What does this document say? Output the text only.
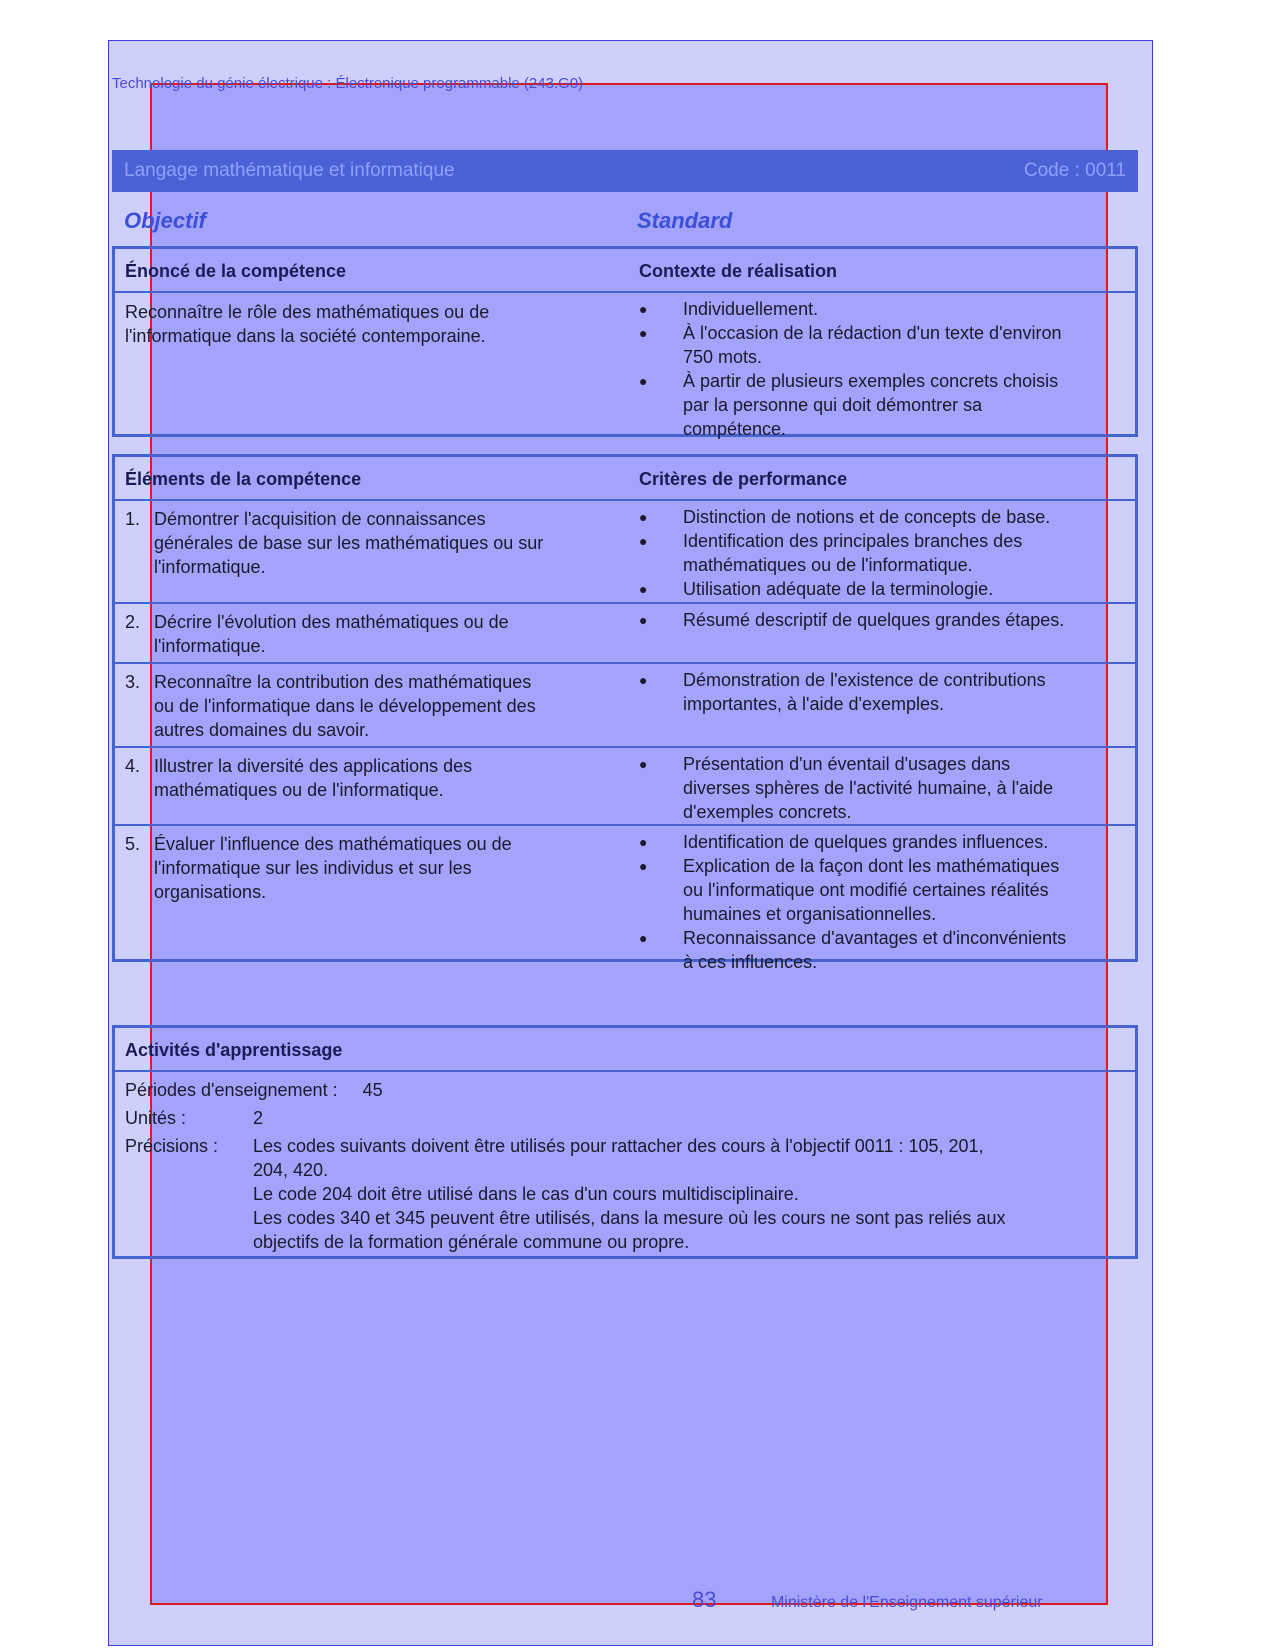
Technologie du génie électrique : Électronique programmable (243.G0)
Langage mathématique et informatique	Code : 0011
Objectif	Standard
Énoncé de la compétence	Contexte de réalisation
Reconnaître le rôle des mathématiques ou de
l'informatique dans la société contemporaine.
●	Individuellement.
●	À l'occasion de la rédaction d'un texte d'environ
750 mots.
●	À partir de plusieurs exemples concrets choisis
par la personne qui doit démontrer sa
compétence.
Éléments de la compétence	Critères de performance
1. Démontrer l'acquisition de connaissances
générales de base sur les mathématiques ou sur
l'informatique.
●	Distinction de notions et de concepts de base.
●	Identification des principales branches des
mathématiques ou de l'informatique.
●	Utilisation adéquate de la terminologie.
2. Décrire l'évolution des mathématiques ou de
l'informatique.
●	Résumé descriptif de quelques grandes étapes.
3. Reconnaître la contribution des mathématiques
ou de l'informatique dans le développement des
autres domaines du savoir.
●	Démonstration de l'existence de contributions
importantes, à l'aide d'exemples.
4. Illustrer la diversité des applications des
mathématiques ou de l'informatique.
●	Présentation d'un éventail d'usages dans
diverses sphères de l'activité humaine, à l'aide
d'exemples concrets.
5. Évaluer l'influence des mathématiques ou de
l'informatique sur les individus et sur les
organisations.
●	Identification de quelques grandes influences.
●	Explication de la façon dont les mathématiques
ou l'informatique ont modifié certaines réalités
humaines et organisationnelles.
●	Reconnaissance d'avantages et d'inconvénients
à ces influences.
Activités d'apprentissage
Périodes d'enseignement : 45
Unités :	2
Précisions : Les codes suivants doivent être utilisés pour rattacher des cours à l'objectif 0011 : 105, 201,
204, 420.
Le code 204 doit être utilisé dans le cas d'un cours multidisciplinaire.
Les codes 340 et 345 peuvent être utilisés, dans la mesure où les cours ne sont pas reliés aux
objectifs de la formation générale commune ou propre.
83	Ministère de l'Enseignement supérieur
